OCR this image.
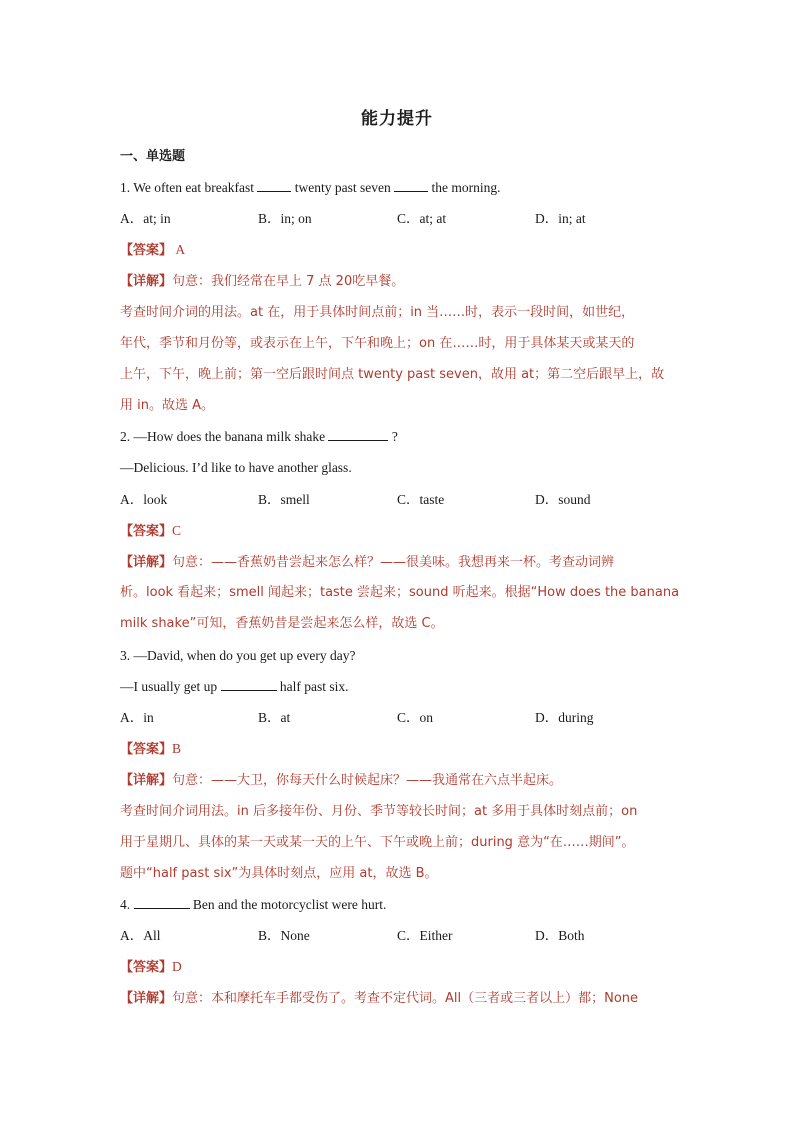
能力提升
一、单选题
1. We often eat breakfast	twenty past seven	the morning.
A．at; in	B．in; on	C．at; at	D．in; at
【答案】 A
【详解】句意：我们经常在早上 7 点 20吃早餐。
考查时间介词的用法。at 在，用于具体时间点前；in 当……时，表示一段时间，如世纪，
年代，季节和月份等，或表示在上午，下午和晚上；on 在……时，用于具体某天或某天的
上午，下午，晚上前；第一空后跟时间点 twenty past seven，故用 at；第二空后跟早上，故
用 in。故选 A。
2. —How does the banana milk shake	?
—Delicious. I’d like to have another glass.
A．look	B．smell	C．taste	D．sound
【答案】C
【详解】句意：——香蕉奶昔尝起来怎么样？——很美味。我想再来一杯。考查动词辨
析。look 看起来；smell 闻起来；taste 尝起来；sound 听起来。根据“How does the banana
milk shake”可知，香蕉奶昔是尝起来怎么样，故选 C。
3. —David, when do you get up every day?
—I usually get up	half past six.
A．in	B．at	C．on	D．during
【答案】B
【详解】句意：——大卫，你每天什么时候起床？——我通常在六点半起床。
考查时间介词用法。in 后多接年份、月份、季节等较长时间；at 多用于具体时刻点前；on
用于星期几、具体的某一天或某一天的上午、下午或晚上前；during 意为“在……期间”。
题中“half past six”为具体时刻点，应用 at，故选 B。
4.	Ben and the motorcyclist were hurt.
A．All	B．None	C．Either	D．Both
【答案】D
【详解】句意：本和摩托车手都受伤了。考查不定代词。All（三者或三者以上）都；None
